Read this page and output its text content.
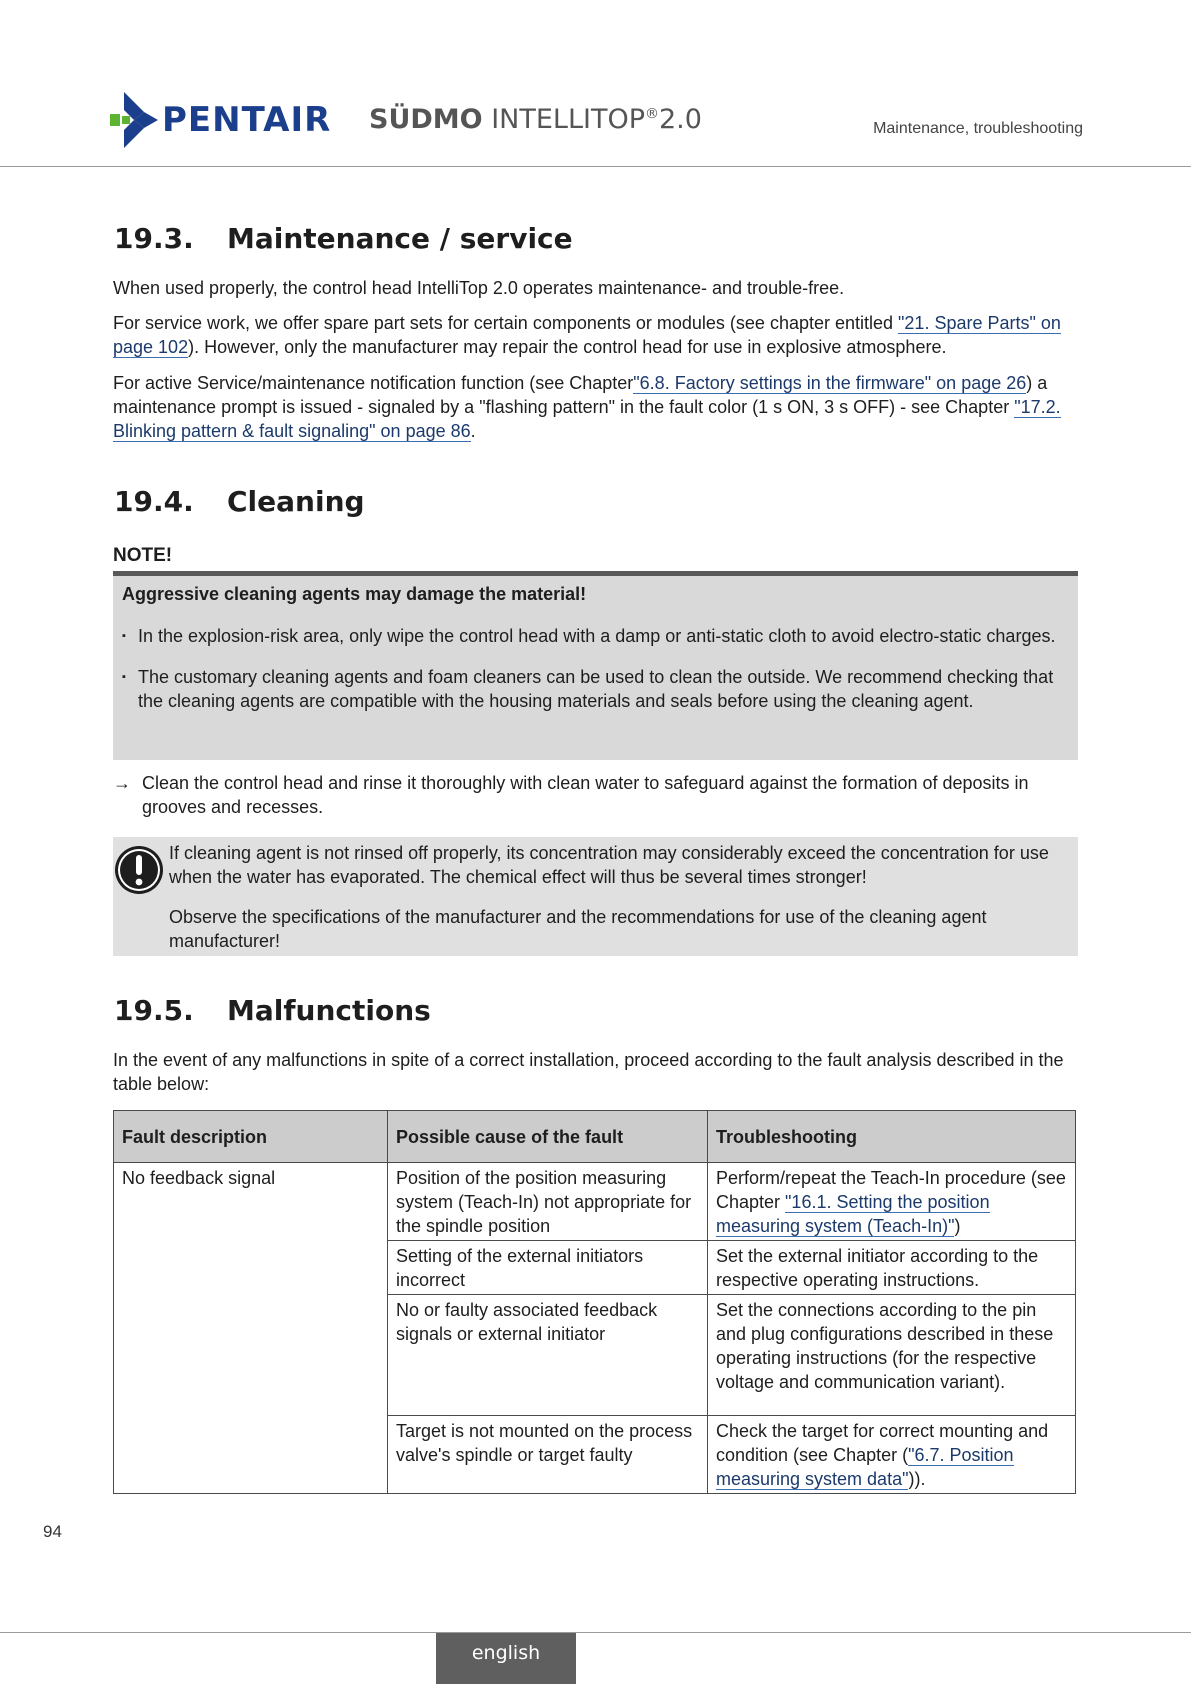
PENTAIR SÜDMO INTELLITOP®2.0	Maintenance, troubleshooting
19.3. Maintenance / service

When used properly, the control head IntelliTop 2.0 operates maintenance- and trouble-free.

For service work, we offer spare part sets for certain components or modules (see chapter entitled "21. Spare Parts" on page 102). However, only the manufacturer may repair the control head for use in explosive atmosphere.

For active Service/maintenance notification function (see Chapter"6.8. Factory settings in the firmware" on page 26) a maintenance prompt is issued - signaled by a "flashing pattern" in the fault color (1 s ON, 3 s OFF) - see Chapter "17.2. Blinking pattern & fault signaling" on page 86.

19.4. Cleaning
NOTE!
Aggressive cleaning agents may damage the material!
▪ In the explosion-risk area, only wipe the control head with a damp or anti-static cloth to avoid electro-static charges.
▪ The customary cleaning agents and foam cleaners can be used to clean the outside. We recommend checking that the cleaning agents are compatible with the housing materials and seals before using the cleaning agent.
→ Clean the control head and rinse it thoroughly with clean water to safeguard against the formation of deposits in grooves and recesses.

If cleaning agent is not rinsed off properly, its concentration may considerably exceed the concentration for use when the water has evaporated. The chemical effect will thus be several times stronger!

Observe the specifications of the manufacturer and the recommendations for use of the cleaning agent manufacturer!

19.5. Malfunctions

In the event of any malfunctions in spite of a correct installation, proceed according to the fault analysis described in the table below:

Fault description	Possible cause of the fault	Troubleshooting
No feedback signal	Position of the position measuring system (Teach-In) not appropriate for the spindle position	Perform/repeat the Teach-In procedure (see Chapter "16.1. Setting the position measuring system (Teach-In)")
	Setting of the external initiators incorrect	Set the external initiator according to the respective operating instructions.
	No or faulty associated feedback signals or external initiator	Set the connections according to the pin and plug configurations described in these operating instructions (for the respective voltage and communication variant).
	Target is not mounted on the process valve's spindle or target faulty	Check the target for correct mounting and condition (see Chapter ("6.7. Position measuring system data")).
94
english
